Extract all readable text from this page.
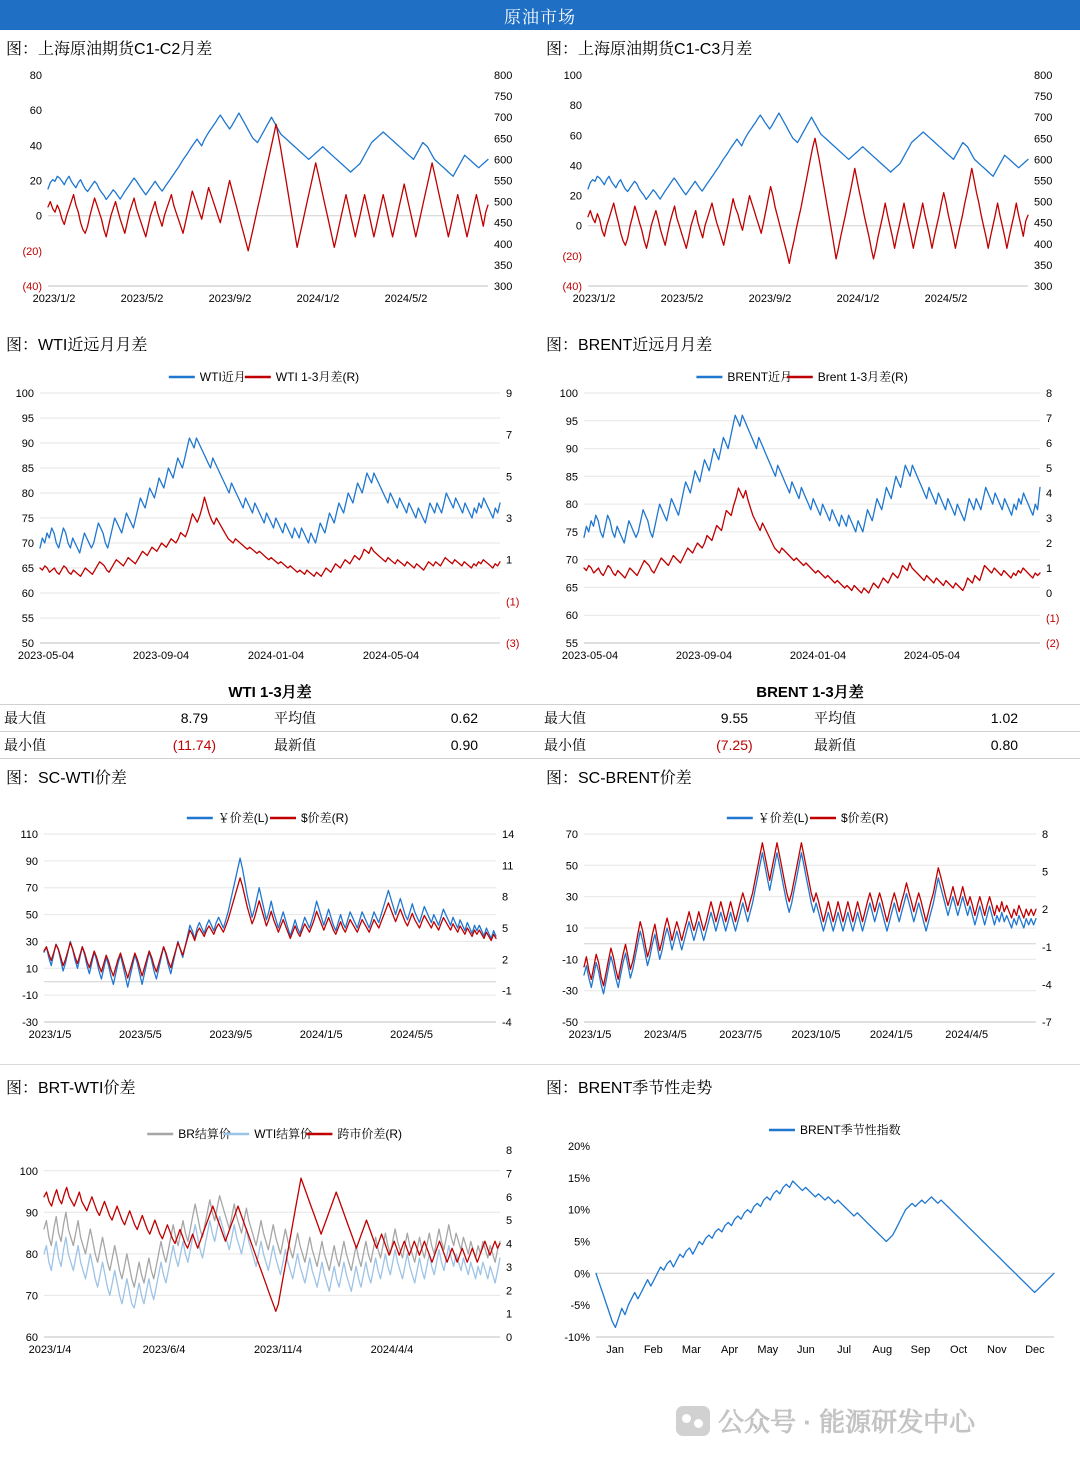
原油市场
图：上海原油期货C1-C2月差
(40)
(20)
0
20
40
60
80
300
350
400
450
500
550
600
650
700
750
800
2023/1/2	2023/5/2	2023/9/2	2024/1/2	2024/5/2
图：上海原油期货C1-C3月差
(40)
(20)
0
20
40
60
80
100
300
350
400
450
500
550
600
650
700
750
800
2023/1/2	2023/5/2	2023/9/2	2024/1/2	2024/5/2
图：WTI近远月月差
50
55
60
65
70
75
80
85
90
95
100
(3)
(1)
1
3
5
7
9
2023-05-04	2023-09-04	2024-01-04	2024-05-04
WTI近月 WTI 1-3月差(R)
图：BRENT近远月月差
55
60
65
70
75
80
85
90
95
100
(2)
(1)
0
1
2
3
4
5
6
7
8
2023-05-04	2023-09-04	2024-01-04	2024-05-04
BRENT近月 Brent 1-3月差(R)
WTI 1-3月差
最大值	8.79	平均值	0.62
最小值	(11.74)	最新值	0.90
BRENT 1-3月差
最大值	9.55	平均值	1.02
最小值	(7.25)	最新值	0.80
图：SC-WTI价差
-30
-10
10
30
50
70
90
110
-4
-1
2
5
8
11
14
2023/1/5	2023/5/5	2023/9/5	2024/1/5	2024/5/5
￥价差(L)	$价差(R)
图：SC-BRENT价差
-50
-30
-10
10
30
50
70
-7
-4
-1
2
5
8
2023/1/5	2023/4/5	2023/7/5	2023/10/5	2024/1/5	2024/4/5
￥价差(L)	$价差(R)
图：BRT-WTI价差
60
70
80
90
100
0
1
2
3
4
5
6
7
8
2023/1/4	2023/6/4	2023/11/4	2024/4/4
BR结算价 WTI结算价 跨市价差(R)
图：BRENT季节性走势
-10%
-5%
0%
5%
10%
15%
20%
Jan Feb Mar Apr May Jun Jul Aug Sep Oct Nov Dec
BRENT季节性指数
公众号 · 能源研发中心
